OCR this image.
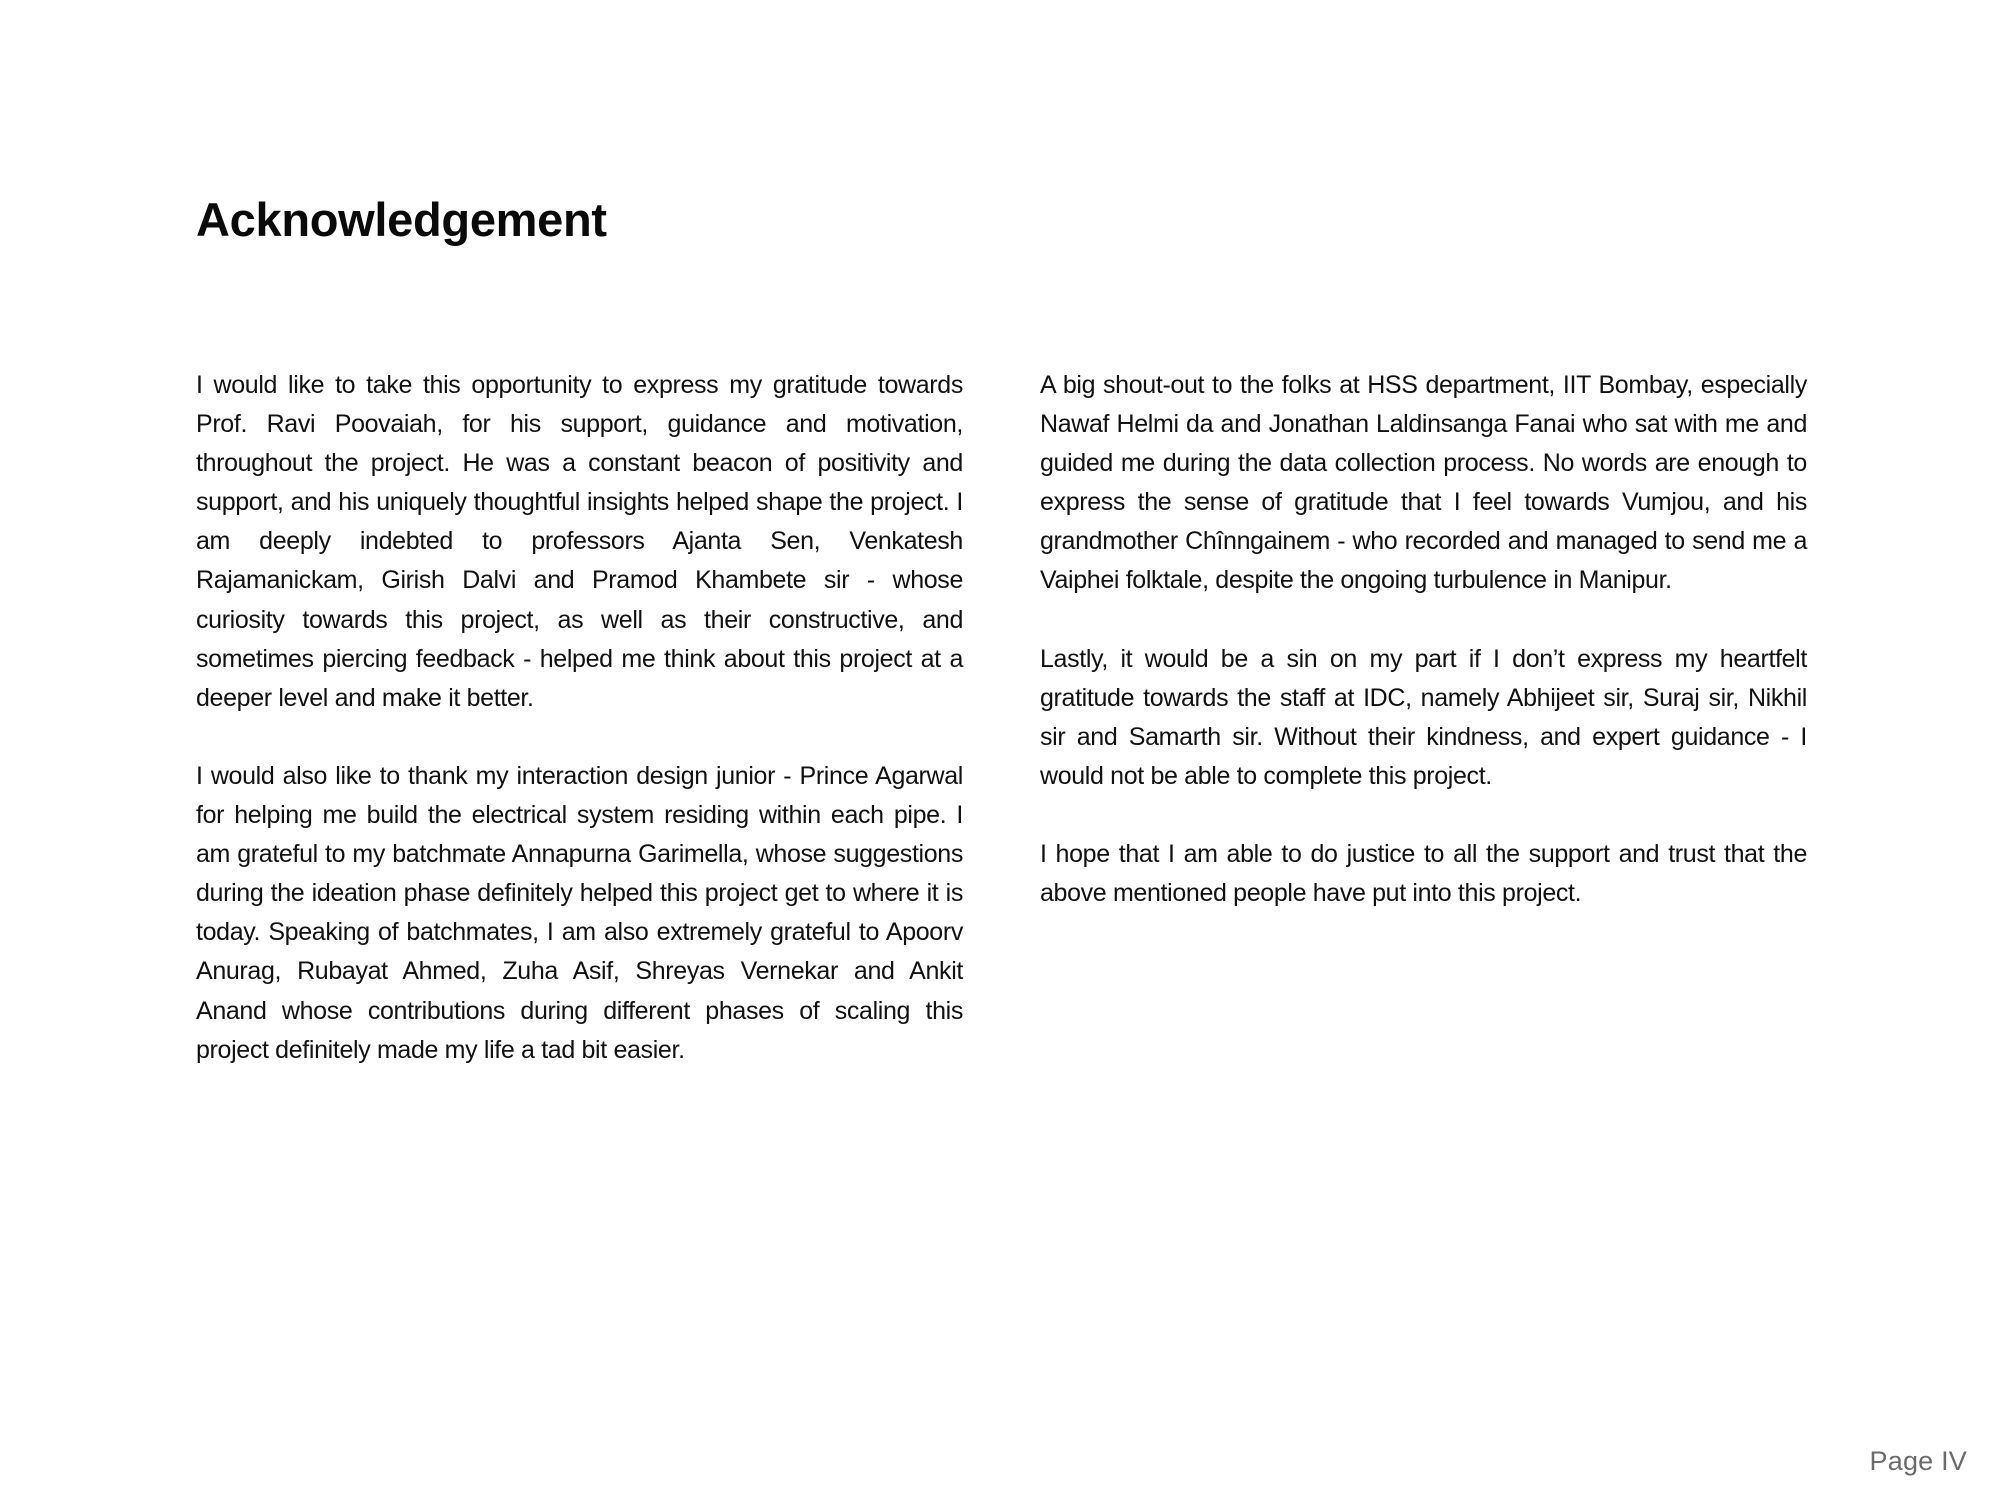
Acknowledgement

I would like to take this opportunity to express my gratitude towards Prof. Ravi Poovaiah, for his support, guidance and motivation, throughout the project. He was a constant beacon of positivity and support, and his uniquely thoughtful insights helped shape the project. I am deeply indebted to professors Ajanta Sen, Venkatesh Rajamanickam, Girish Dalvi and Pramod Khambete sir - whose curiosity towards this project, as well as their constructive, and sometimes piercing feedback - helped me think about this project at a deeper level and make it better.

I would also like to thank my interaction design junior - Prince Agarwal for helping me build the electrical system residing within each pipe. I am grateful to my batchmate Annapurna Garimella, whose suggestions during the ideation phase definitely helped this project get to where it is today. Speaking of batchmates, I am also extremely grateful to Apoorv Anurag, Rubayat Ahmed, Zuha Asif, Shreyas Vernekar and Ankit Anand whose contributions during different phases of scaling this project definitely made my life a tad bit easier.

A big shout-out to the folks at HSS department, IIT Bombay, especially Nawaf Helmi da and Jonathan Laldinsanga Fanai who sat with me and guided me during the data collection process. No words are enough to express the sense of gratitude that I feel towards Vumjou, and his grandmother Chînngainem - who recorded and managed to send me a Vaiphei folktale, despite the ongoing turbulence in Manipur.

Lastly, it would be a sin on my part if I don’t express my heartfelt gratitude towards the staff at IDC, namely Abhijeet sir, Suraj sir, Nikhil sir and Samarth sir. Without their kindness, and expert guidance - I would not be able to complete this project.

I hope that I am able to do justice to all the support and trust that the above mentioned people have put into this project.

Page IV
